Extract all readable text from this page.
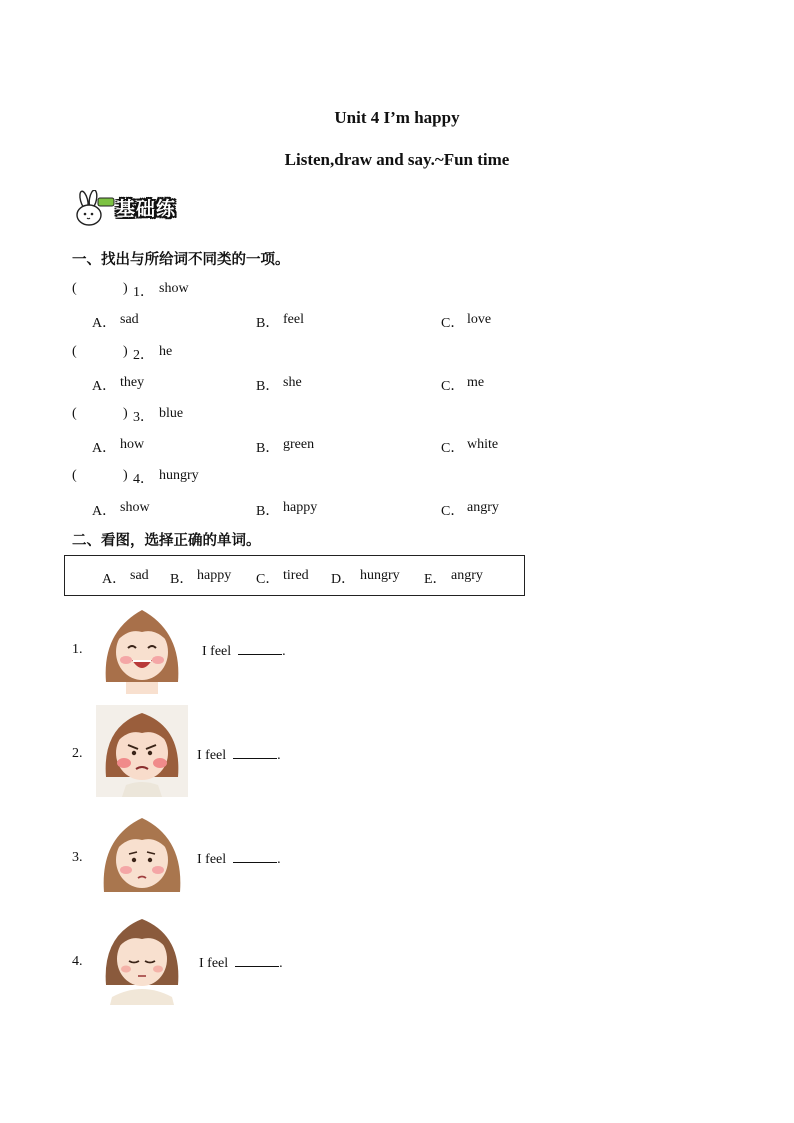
Unit 4 I’m happy
Listen,draw and say.~Fun time
基础练
一、找出与所给词不同类的一项。
(	) 1． show
A． sad	B． feel	C． love
(	) 2． he
A． they	B． she	C． me
(	) 3． blue
A． how	B． green	C． white
(	) 4． hungry
A． show	B． happy	C． angry
二、看图，选择正确的单词。
A． sad B． happy C． tired D． hungry E． angry
1.	I feel	.
2.	I feel	.
3.	I feel	.
4.	I feel	.
